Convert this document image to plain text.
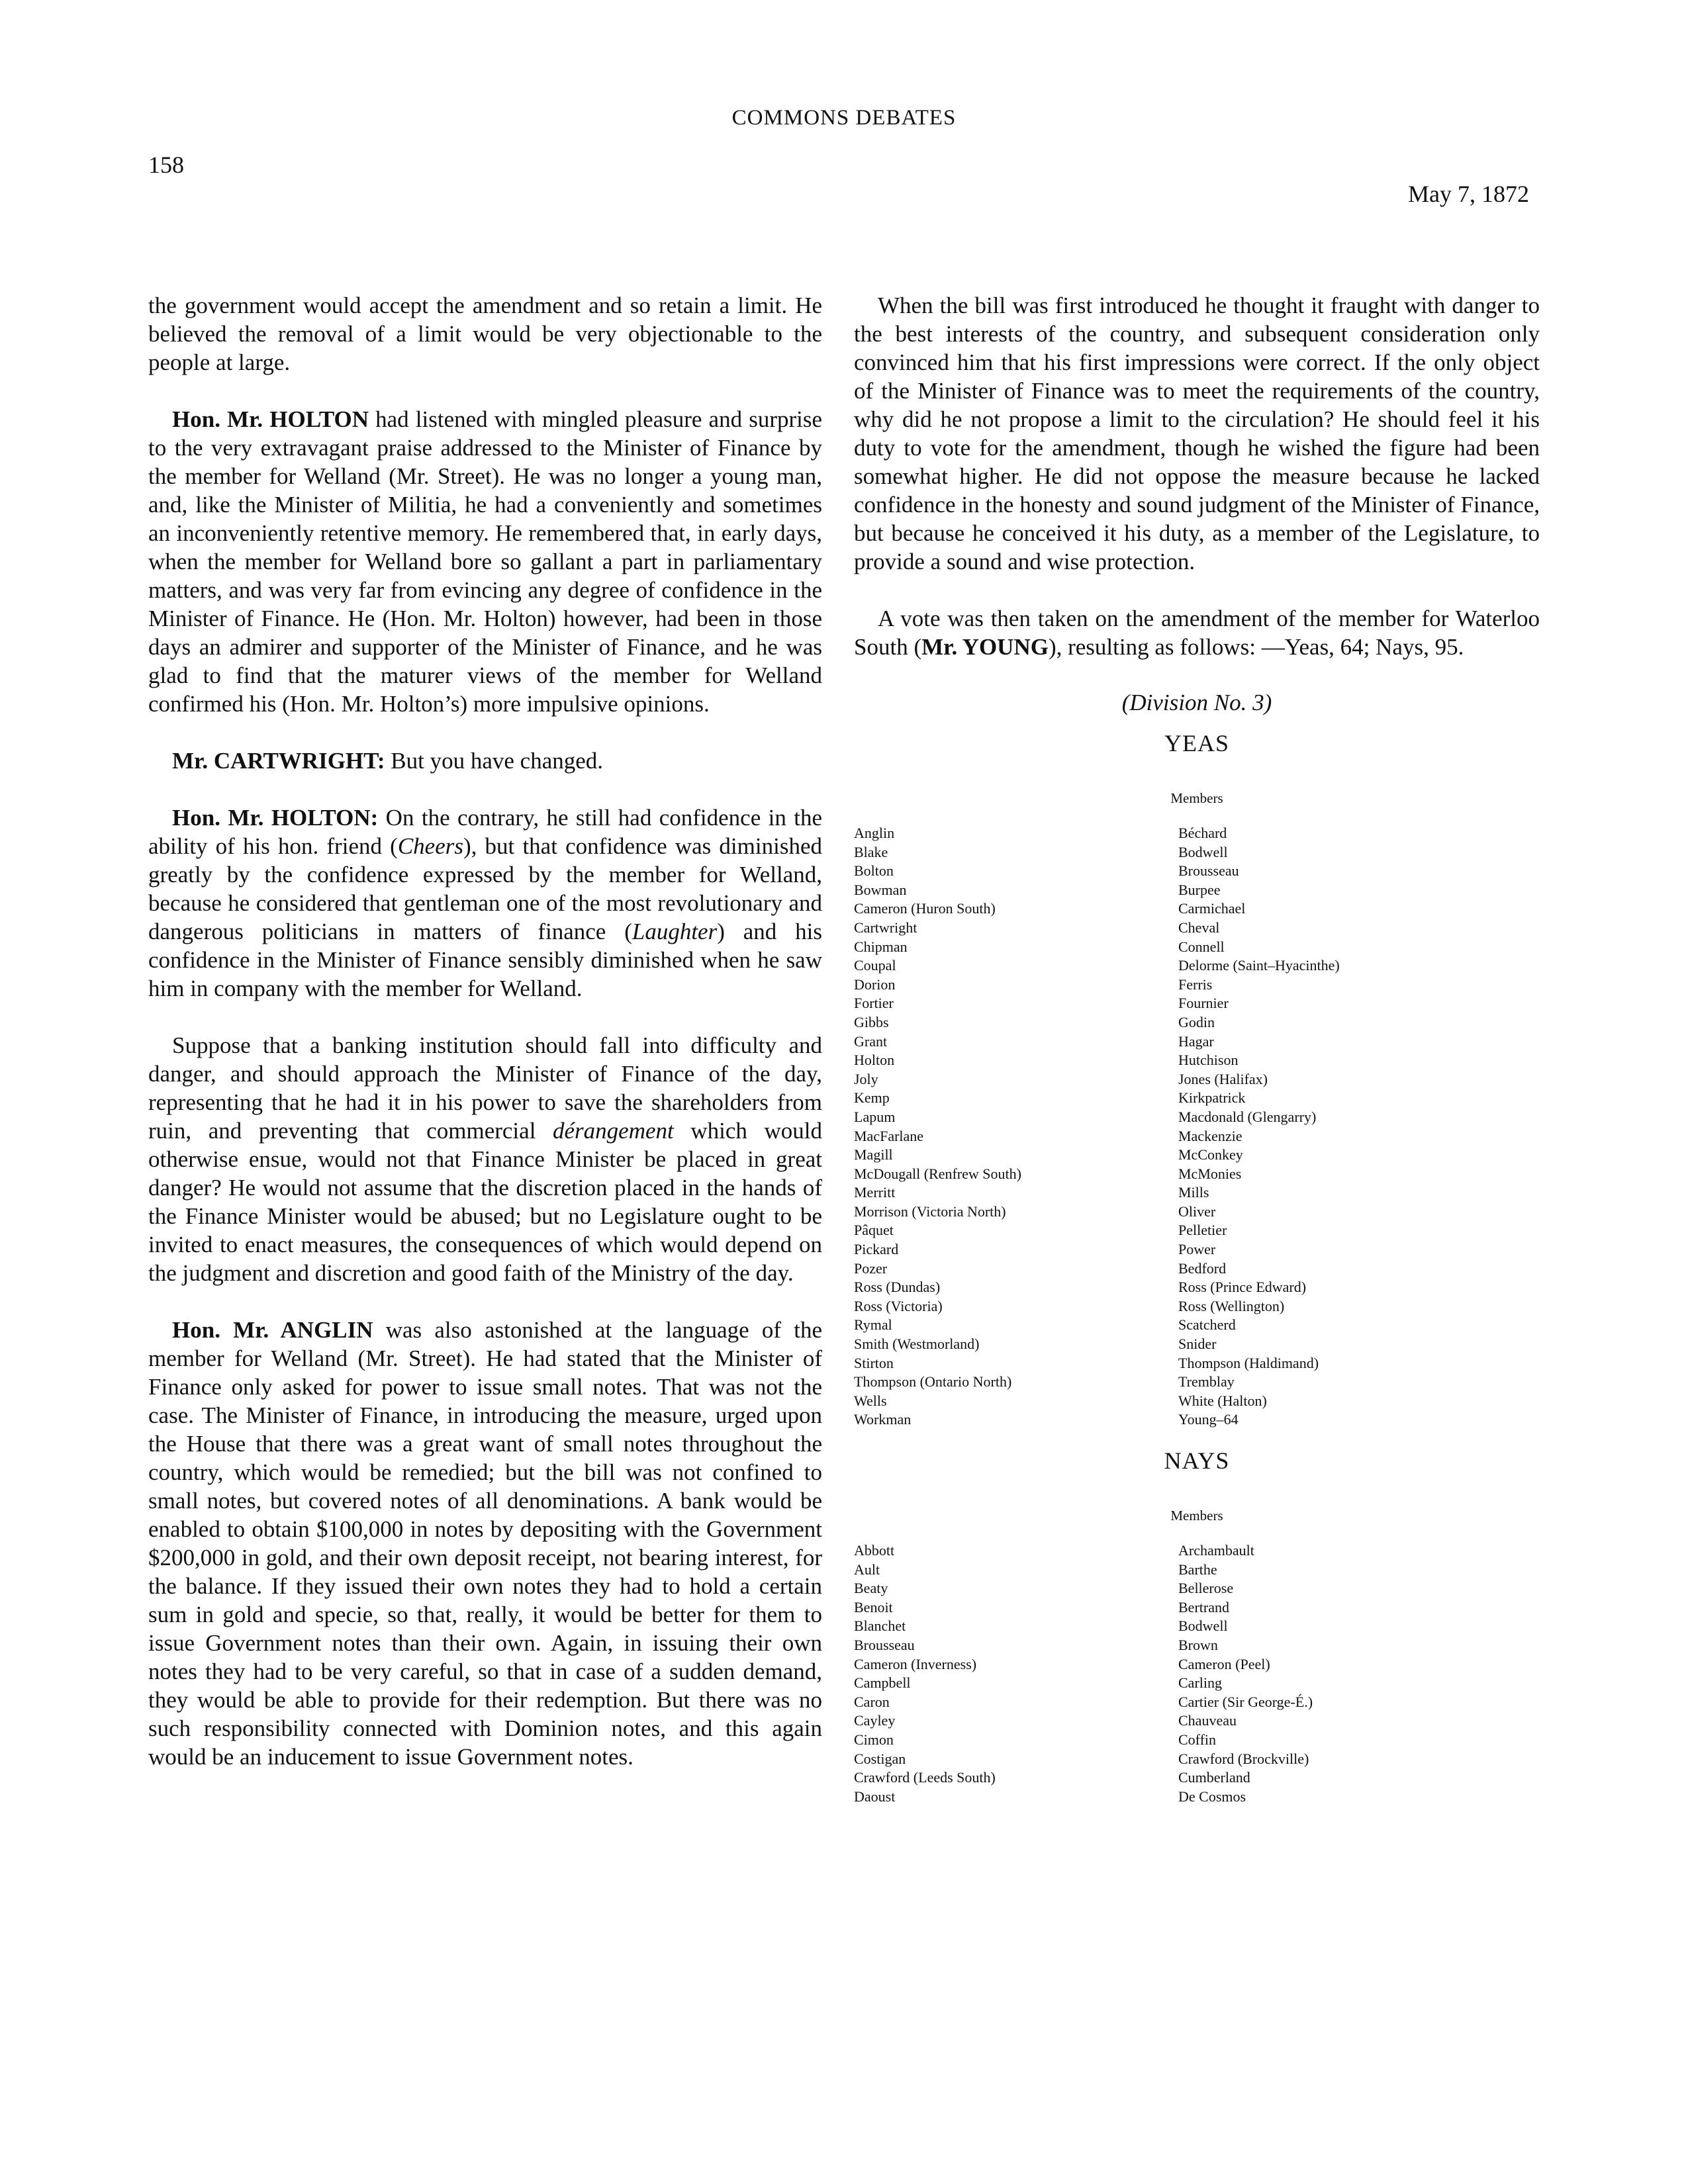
COMMONS DEBATES
158
May 7, 1872

the government would accept the amendment and so retain a limit. He believed the removal of a limit would be very objectionable to the people at large.

Hon. Mr. HOLTON had listened with mingled pleasure and surprise to the very extravagant praise addressed to the Minister of Finance by the member for Welland (Mr. Street). He was no longer a young man, and, like the Minister of Militia, he had a conveniently and sometimes an inconveniently retentive memory. He remembered that, in early days, when the member for Welland bore so gallant a part in parliamentary matters, and was very far from evincing any degree of confidence in the Minister of Finance. He (Hon. Mr. Holton) however, had been in those days an admirer and supporter of the Minister of Finance, and he was glad to find that the maturer views of the member for Welland confirmed his (Hon. Mr. Holton’s) more impulsive opinions.

Mr. CARTWRIGHT: But you have changed.

Hon. Mr. HOLTON: On the contrary, he still had confidence in the ability of his hon. friend (Cheers), but that confidence was diminished greatly by the confidence expressed by the member for Welland, because he considered that gentleman one of the most revolutionary and dangerous politicians in matters of finance (Laughter) and his confidence in the Minister of Finance sensibly diminished when he saw him in company with the member for Welland.

Suppose that a banking institution should fall into difficulty and danger, and should approach the Minister of Finance of the day, representing that he had it in his power to save the shareholders from ruin, and preventing that commercial dérangement which would otherwise ensue, would not that Finance Minister be placed in great danger? He would not assume that the discretion placed in the hands of the Finance Minister would be abused; but no Legislature ought to be invited to enact measures, the consequences of which would depend on the judgment and discretion and good faith of the Ministry of the day.

Hon. Mr. ANGLIN was also astonished at the language of the member for Welland (Mr. Street). He had stated that the Minister of Finance only asked for power to issue small notes. That was not the case. The Minister of Finance, in introducing the measure, urged upon the House that there was a great want of small notes throughout the country, which would be remedied; but the bill was not confined to small notes, but covered notes of all denominations. A bank would be enabled to obtain $100,000 in notes by depositing with the Government $200,000 in gold, and their own deposit receipt, not bearing interest, for the balance. If they issued their own notes they had to hold a certain sum in gold and specie, so that, really, it would be better for them to issue Government notes than their own. Again, in issuing their own notes they had to be very careful, so that in case of a sudden demand, they would be able to provide for their redemption. But there was no such responsibility connected with Dominion notes, and this again would be an inducement to issue Government notes.

When the bill was first introduced he thought it fraught with danger to the best interests of the country, and subsequent consideration only convinced him that his first impressions were correct. If the only object of the Minister of Finance was to meet the requirements of the country, why did he not propose a limit to the circulation? He should feel it his duty to vote for the amendment, though he wished the figure had been somewhat higher. He did not oppose the measure because he lacked confidence in the honesty and sound judgment of the Minister of Finance, but because he conceived it his duty, as a member of the Legislature, to provide a sound and wise protection.

A vote was then taken on the amendment of the member for Waterloo South (Mr. YOUNG), resulting as follows: —Yeas, 64; Nays, 95.

(Division No. 3)
YEAS
Members
Anglin	Béchard
Blake	Bodwell
Bolton	Brousseau
Bowman	Burpee
Cameron (Huron South)	Carmichael
Cartwright	Cheval
Chipman	Connell
Coupal	Delorme (Saint–Hyacinthe)
Dorion	Ferris
Fortier	Fournier
Gibbs	Godin
Grant	Hagar
Holton	Hutchison
Joly	Jones (Halifax)
Kemp	Kirkpatrick
Lapum	Macdonald (Glengarry)
MacFarlane	Mackenzie
Magill	McConkey
McDougall (Renfrew South)	McMonies
Merritt	Mills
Morrison (Victoria North)	Oliver
Pâquet	Pelletier
Pickard	Power
Pozer	Bedford
Ross (Dundas)	Ross (Prince Edward)
Ross (Victoria)	Ross (Wellington)
Rymal	Scatcherd
Smith (Westmorland)	Snider
Stirton	Thompson (Haldimand)
Thompson (Ontario North)	Tremblay
Wells	White (Halton)
Workman	Young–64
NAYS
Members
Abbott	Archambault
Ault	Barthe
Beaty	Bellerose
Benoit	Bertrand
Blanchet	Bodwell
Brousseau	Brown
Cameron (Inverness)	Cameron (Peel)
Campbell	Carling
Caron	Cartier (Sir George-É.)
Cayley	Chauveau
Cimon	Coffin
Costigan	Crawford (Brockville)
Crawford (Leeds South)	Cumberland
Daoust	De Cosmos
